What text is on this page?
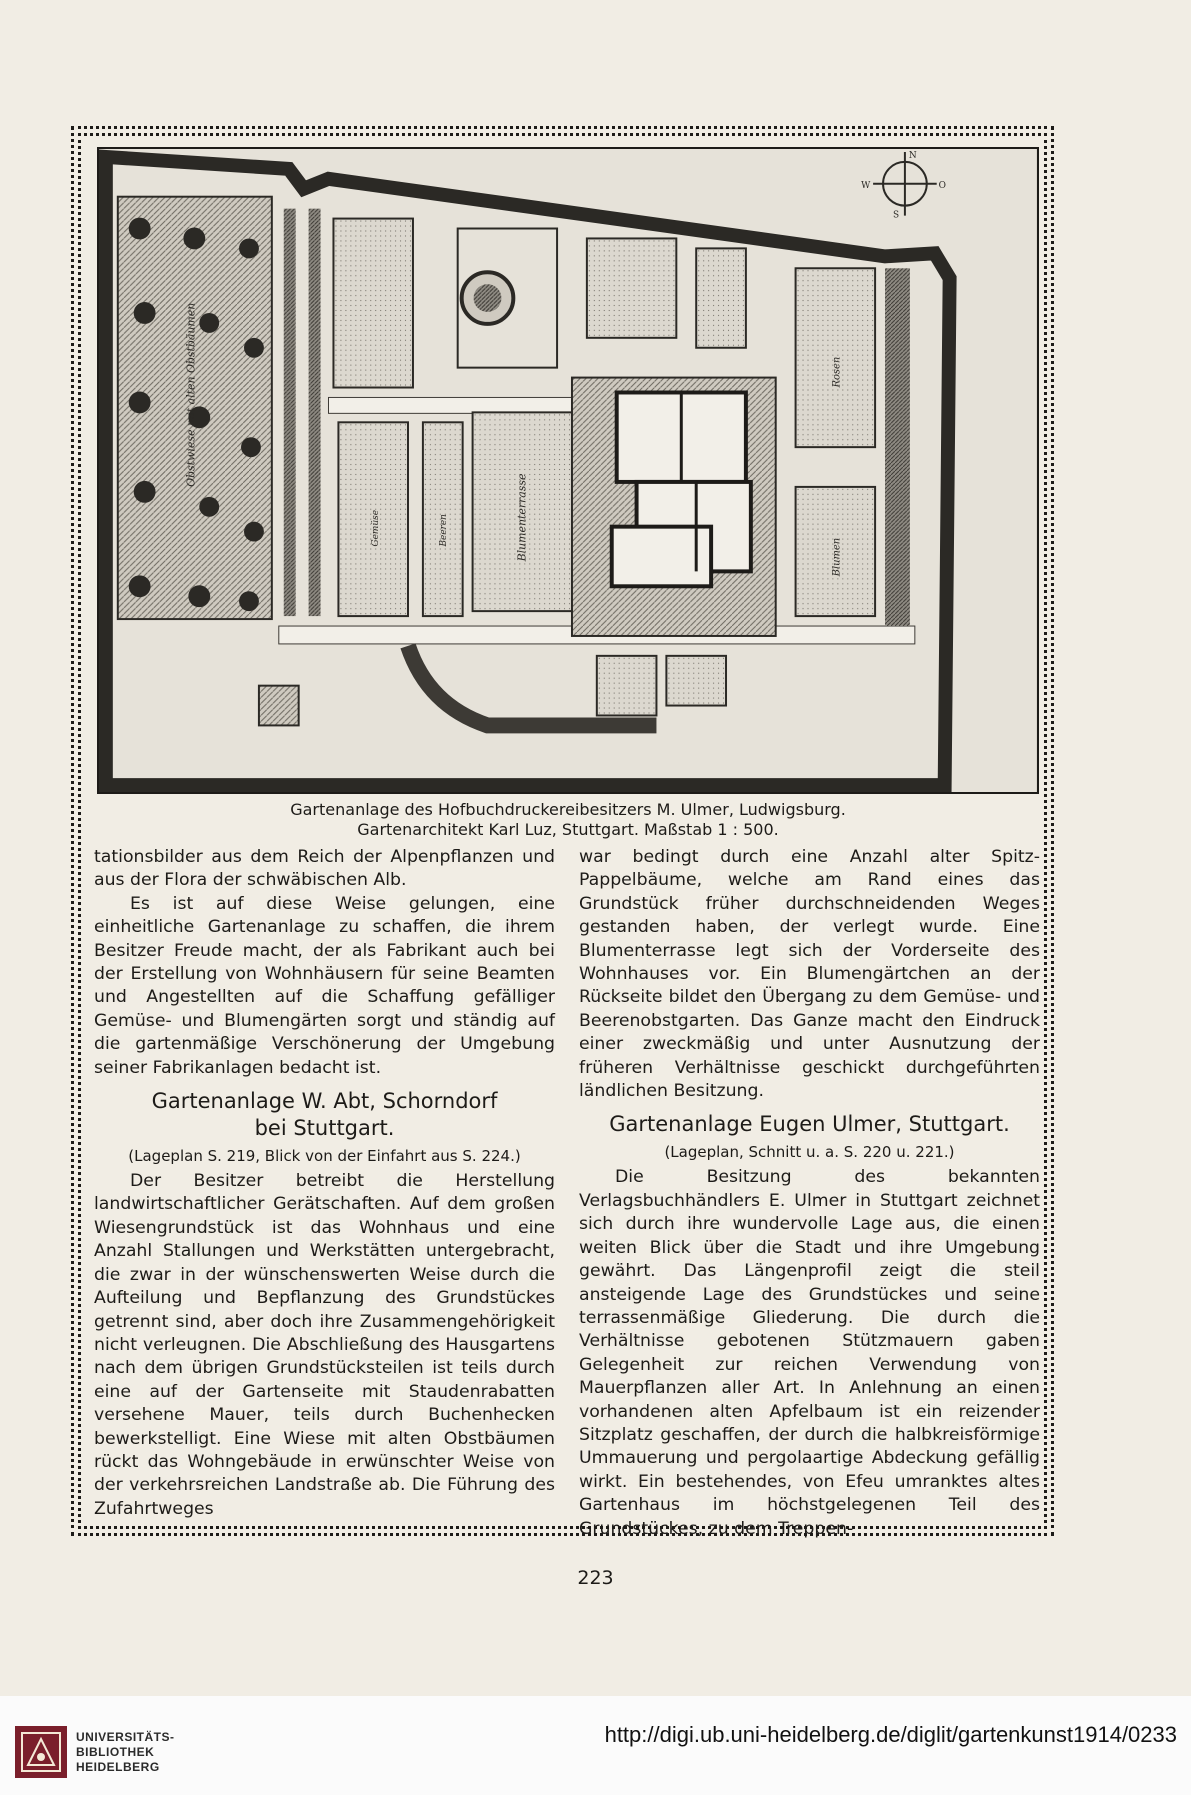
Obstwiese mit alten Obstbäumen
Blumenterrasse
Rosen
Blumen
N
S
O
W
Gemüse	Beeren
Gartenanlage des Hofbuchdruckereibesitzers M. Ulmer, Ludwigsburg.
Gartenarchitekt Karl Luz, Stuttgart. Maßstab 1 : 500.

tationsbilder aus dem Reich der Alpenpflanzen und aus der Flora der schwäbischen Alb.

Es ist auf diese Weise gelungen, eine einheitliche Gartenanlage zu schaffen, die ihrem Besitzer Freude macht, der als Fabrikant auch bei der Erstellung von Wohnhäusern für seine Beamten und Angestellten auf die Schaffung gefälliger Gemüse- und Blumengärten sorgt und ständig auf die gartenmäßige Verschönerung der Umgebung seiner Fabrikanlagen bedacht ist.

Gartenanlage W. Abt, Schorndorf
bei Stuttgart.
(Lageplan S. 219, Blick von der Einfahrt aus S. 224.)

Der Besitzer betreibt die Herstellung landwirtschaftlicher Gerätschaften. Auf dem großen Wiesengrundstück ist das Wohnhaus und eine Anzahl Stallungen und Werkstätten untergebracht, die zwar in der wünschenswerten Weise durch die Aufteilung und Bepflanzung des Grundstückes getrennt sind, aber doch ihre Zusammengehörigkeit nicht verleugnen. Die Abschließung des Hausgartens nach dem übrigen Grundstücksteilen ist teils durch eine auf der Gartenseite mit Staudenrabatten versehene Mauer, teils durch Buchenhecken bewerkstelligt. Eine Wiese mit alten Obstbäumen rückt das Wohngebäude in erwünschter Weise von der verkehrsreichen Landstraße ab. Die Führung des Zufahrtweges

war bedingt durch eine Anzahl alter Spitz-Pappelbäume, welche am Rand eines das Grundstück früher durchschneidenden Weges gestanden haben, der verlegt wurde. Eine Blumenterrasse legt sich der Vorderseite des Wohnhauses vor. Ein Blumengärtchen an der Rückseite bildet den Übergang zu dem Gemüse- und Beerenobstgarten. Das Ganze macht den Eindruck einer zweckmäßig und unter Ausnutzung der früheren Verhältnisse geschickt durchgeführten ländlichen Besitzung.

Gartenanlage Eugen Ulmer, Stuttgart.
(Lageplan, Schnitt u. a. S. 220 u. 221.)

Die Besitzung des bekannten Verlagsbuchhändlers E. Ulmer in Stuttgart zeichnet sich durch ihre wundervolle Lage aus, die einen weiten Blick über die Stadt und ihre Umgebung gewährt. Das Längenprofil zeigt die steil ansteigende Lage des Grundstückes und seine terrassenmäßige Gliederung. Die durch die Verhältnisse gebotenen Stützmauern gaben Gelegenheit zur reichen Verwendung von Mauerpflanzen aller Art. In Anlehnung an einen vorhandenen alten Apfelbaum ist ein reizender Sitzplatz geschaffen, der durch die halbkreisförmige Ummauerung und pergolaartige Abdeckung gefällig wirkt. Ein bestehendes, von Efeu umranktes altes Gartenhaus im höchstgelegenen Teil des Grundstückes, zu dem Treppen-

223
UNIVERSITÄTS-
BIBLIOTHEK
HEIDELBERG
http://digi.ub.uni-heidelberg.de/diglit/gartenkunst1914/0233
